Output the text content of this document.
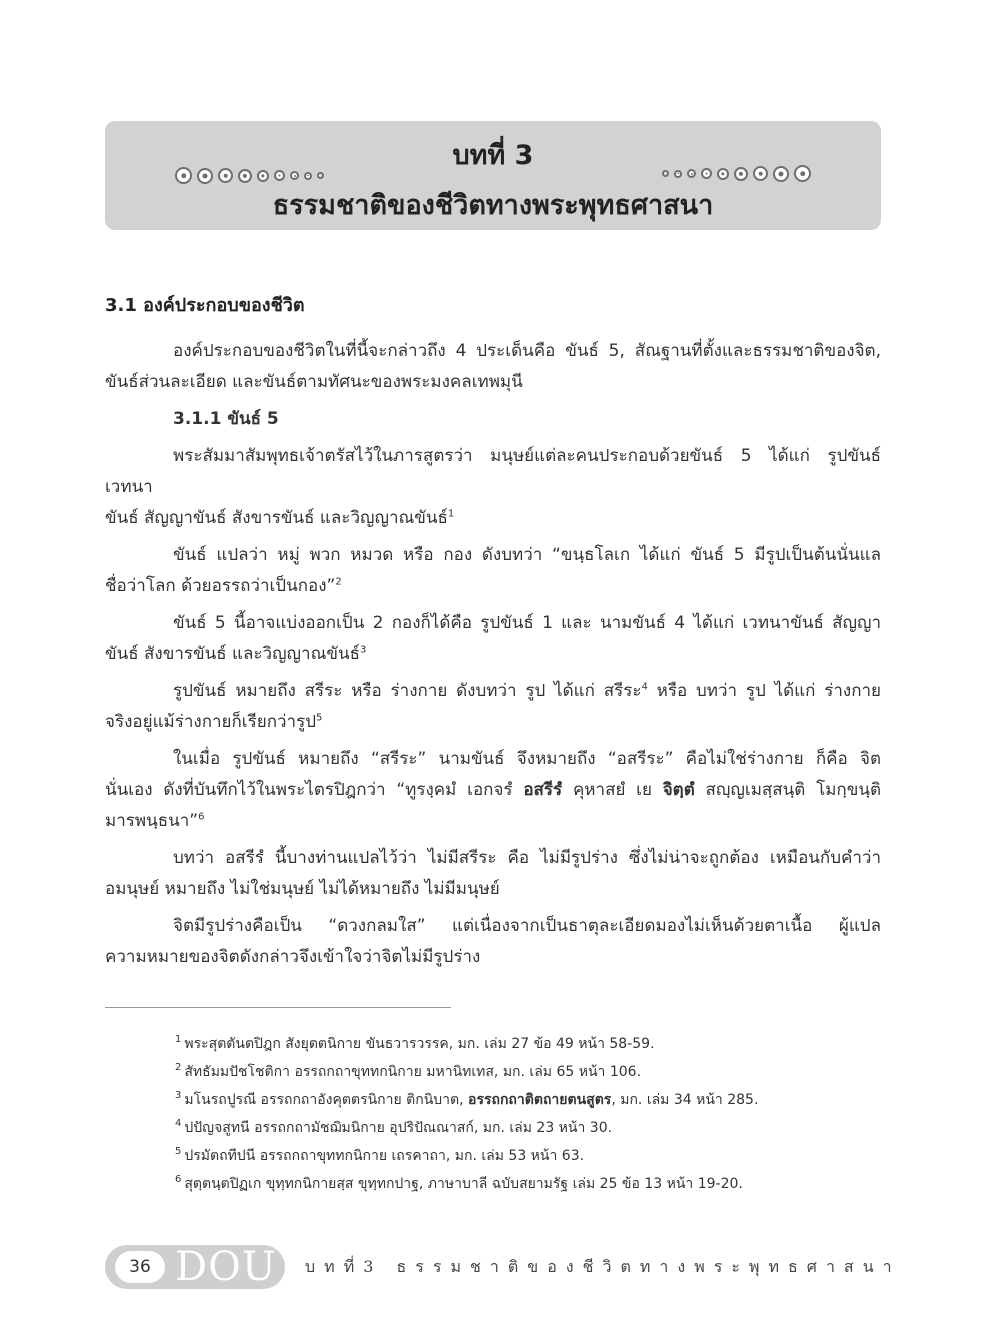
บทที่ 3
ธรรมชาติของชีวิตทางพระพุทธศาสนา
3.1 องค์ประกอบของชีวิต

องค์ประกอบของชีวิตในที่นี้จะกล่าวถึง 4 ประเด็นคือ ขันธ์ 5, สัณฐานที่ตั้งและธรรมชาติของจิต,

ขันธ์ส่วนละเอียด และขันธ์ตามทัศนะของพระมงคลเทพมุนี

3.1.1 ขันธ์ 5

พระสัมมาสัมพุทธเจ้าตรัสไว้ในภารสูตรว่า มนุษย์แต่ละคนประกอบด้วยขันธ์ 5 ได้แก่ รูปขันธ์ เวทนา

ขันธ์ สัญญาขันธ์ สังขารขันธ์ และวิญญาณขันธ์$^1$

ขันธ์ แปลว่า หมู่ พวก หมวด หรือ กอง ดังบทว่า “ขนฺธโลเก ได้แก่ ขันธ์ 5 มีรูปเป็นต้นนั่นแล

ชื่อว่าโลก ด้วยอรรถว่าเป็นกอง”$^2$

ขันธ์ 5 นี้อาจแบ่งออกเป็น 2 กองก็ได้คือ รูปขันธ์ 1 และ นามขันธ์ 4 ได้แก่ เวทนาขันธ์ สัญญา

ขันธ์ สังขารขันธ์ และวิญญาณขันธ์$^3$

รูปขันธ์ หมายถึง สรีระ หรือ ร่างกาย ดังบทว่า รูป ได้แก่ สรีระ$^4$ หรือ บทว่า รูป ได้แก่ ร่างกาย

จริงอยู่แม้ร่างกายก็เรียกว่ารูป$^5$

ในเมื่อ รูปขันธ์ หมายถึง “สรีระ” นามขันธ์ จึงหมายถึง “อสรีระ” คือไม่ใช่ร่างกาย ก็คือ จิต

นั่นเอง ดังที่บันทึกไว้ในพระไตรปิฎกว่า “ทูรงฺคมํ เอกจรํ อสรีรํ คุหาสยํ เย จิตฺตํ สญฺญเมสฺสนฺติ โมกฺขนฺติ

มารพนฺธนา”$^6$

บทว่า อสรีรํ นี้บางท่านแปลไว้ว่า ไม่มีสรีระ คือ ไม่มีรูปร่าง ซึ่งไม่น่าจะถูกต้อง เหมือนกับคำว่า

อมนุษย์ หมายถึง ไม่ใช่มนุษย์ ไม่ได้หมายถึง ไม่มีมนุษย์

จิตมีรูปร่างคือเป็น “ดวงกลมใส” แต่เนื่องจากเป็นธาตุละเอียดมองไม่เห็นด้วยตาเนื้อ ผู้แปล

ความหมายของจิตดังกล่าวจึงเข้าใจว่าจิตไม่มีรูปร่าง

$^1$ พระสุตตันตปิฎก สังยุตตนิกาย ขันธวารวรรค, มก. เล่ม 27 ข้อ 49 หน้า 58-59.
$^2$ สัทธัมมปัชโชติกา อรรถกถาขุททกนิกาย มหานิทเทส, มก. เล่ม 65 หน้า 106.
$^3$ มโนรถปูรณี อรรถกถาอังคุตตรนิกาย ติกนิบาต, อรรถกถาติตถายตนสูตร, มก. เล่ม 34 หน้า 285.
$^4$ ปปัญจสูทนี อรรถกถามัชฌิมนิกาย อุปริปัณณาสก์, มก. เล่ม 23 หน้า 30.
$^5$ ปรมัตถทีปนี อรรถกถาขุททกนิกาย เถรคาถา, มก. เล่ม 53 หน้า 63.
$^6$ สุตฺตนฺตปิฏเก ขุทฺทกนิกายสฺส ขุทฺทกปาฐ, ภาษาบาลี ฉบับสยามรัฐ เล่ม 25 ข้อ 13 หน้า 19-20.
36 DOU บทที่3 ธรรมชาติของชีวิตทางพระพุทธศาสนา
